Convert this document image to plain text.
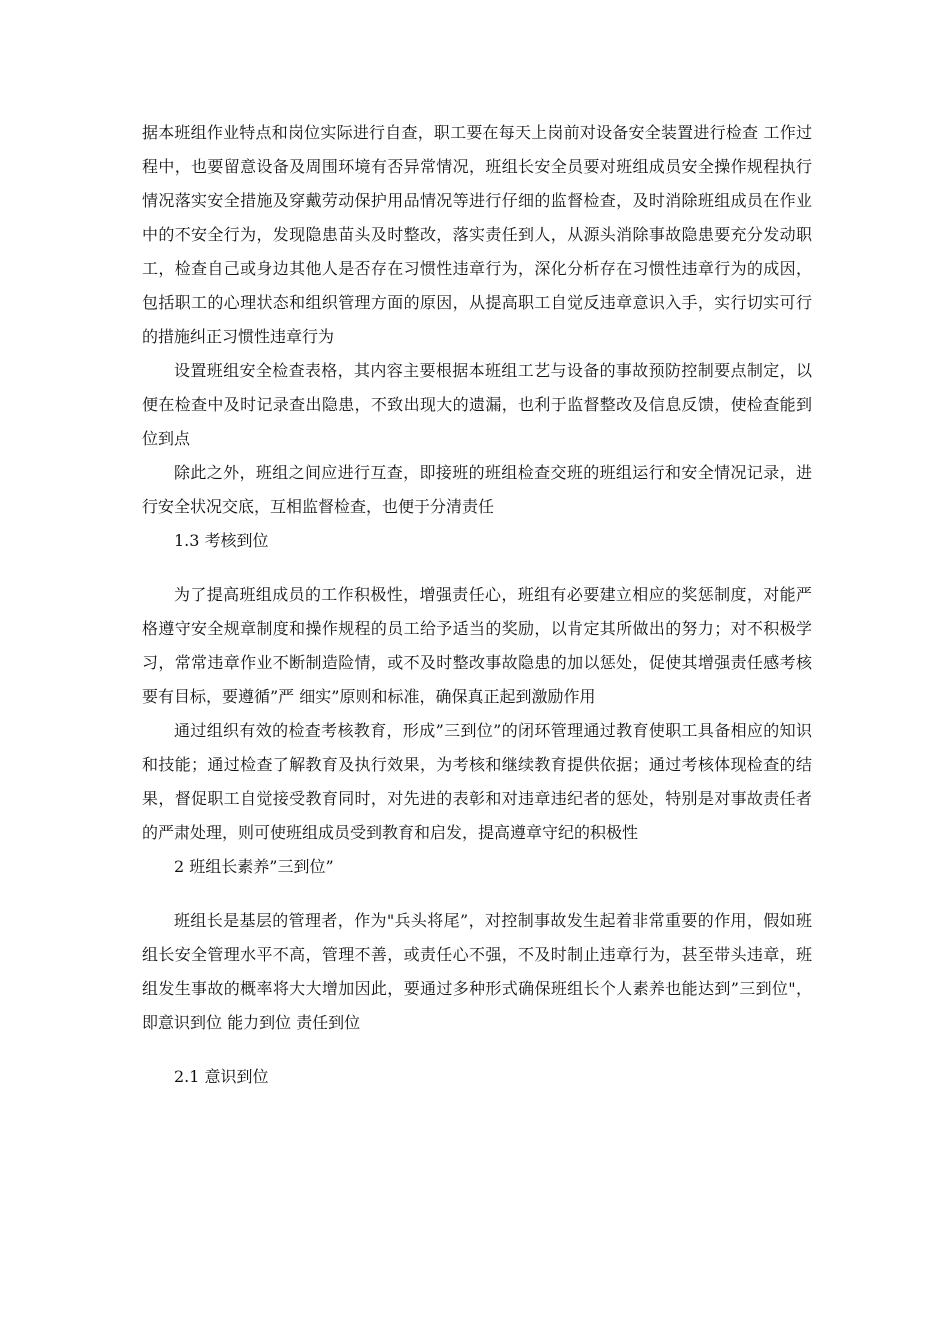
据本班组作业特点和岗位实际进行自查，职工要在每天上岗前对设备安全装置进行检查 工作过程中，也要留意设备及周围环境有否异常情况，班组长安全员要对班组成员安全操作规程执行情况落实安全措施及穿戴劳动保护用品情况等进行仔细的监督检查，及时消除班组成员在作业中的不安全行为，发现隐患苗头及时整改，落实责任到人，从源头消除事故隐患要充分发动职工，检查自己或身边其他人是否存在习惯性违章行为，深化分析存在习惯性违章行为的成因，包括职工的心理状态和组织管理方面的原因，从提高职工自觉反违章意识入手，实行切实可行的措施纠正习惯性违章行为

设置班组安全检查表格，其内容主要根据本班组工艺与设备的事故预防控制要点制定，以便在检查中及时记录查出隐患，不致出现大的遗漏，也利于监督整改及信息反馈，使检查能到位到点

除此之外，班组之间应进行互查，即接班的班组检查交班的班组运行和安全情况记录，进行安全状况交底，互相监督检查，也便于分清责任

1.3 考核到位

为了提高班组成员的工作积极性，增强责任心，班组有必要建立相应的奖惩制度，对能严格遵守安全规章制度和操作规程的员工给予适当的奖励，以肯定其所做出的努力；对不积极学习，常常违章作业不断制造险情，或不及时整改事故隐患的加以惩处，促使其增强责任感考核要有目标，要遵循”严 细实”原则和标准，确保真正起到激励作用

通过组织有效的检查考核教育，形成”三到位”的闭环管理通过教育使职工具备相应的知识和技能；通过检查了解教育及执行效果，为考核和继续教育提供依据；通过考核体现检查的结果，督促职工自觉接受教育同时，对先进的表彰和对违章违纪者的惩处，特别是对事故责任者的严肃处理，则可使班组成员受到教育和启发，提高遵章守纪的积极性

2 班组长素养”三到位”

班组长是基层的管理者，作为"兵头将尾”，对控制事故发生起着非常重要的作用，假如班组长安全管理水平不高，管理不善，或责任心不强，不及时制止违章行为，甚至带头违章，班组发生事故的概率将大大增加因此，要通过多种形式确保班组长个人素养也能达到”三到位"，即意识到位 能力到位 责任到位

2.1 意识到位
